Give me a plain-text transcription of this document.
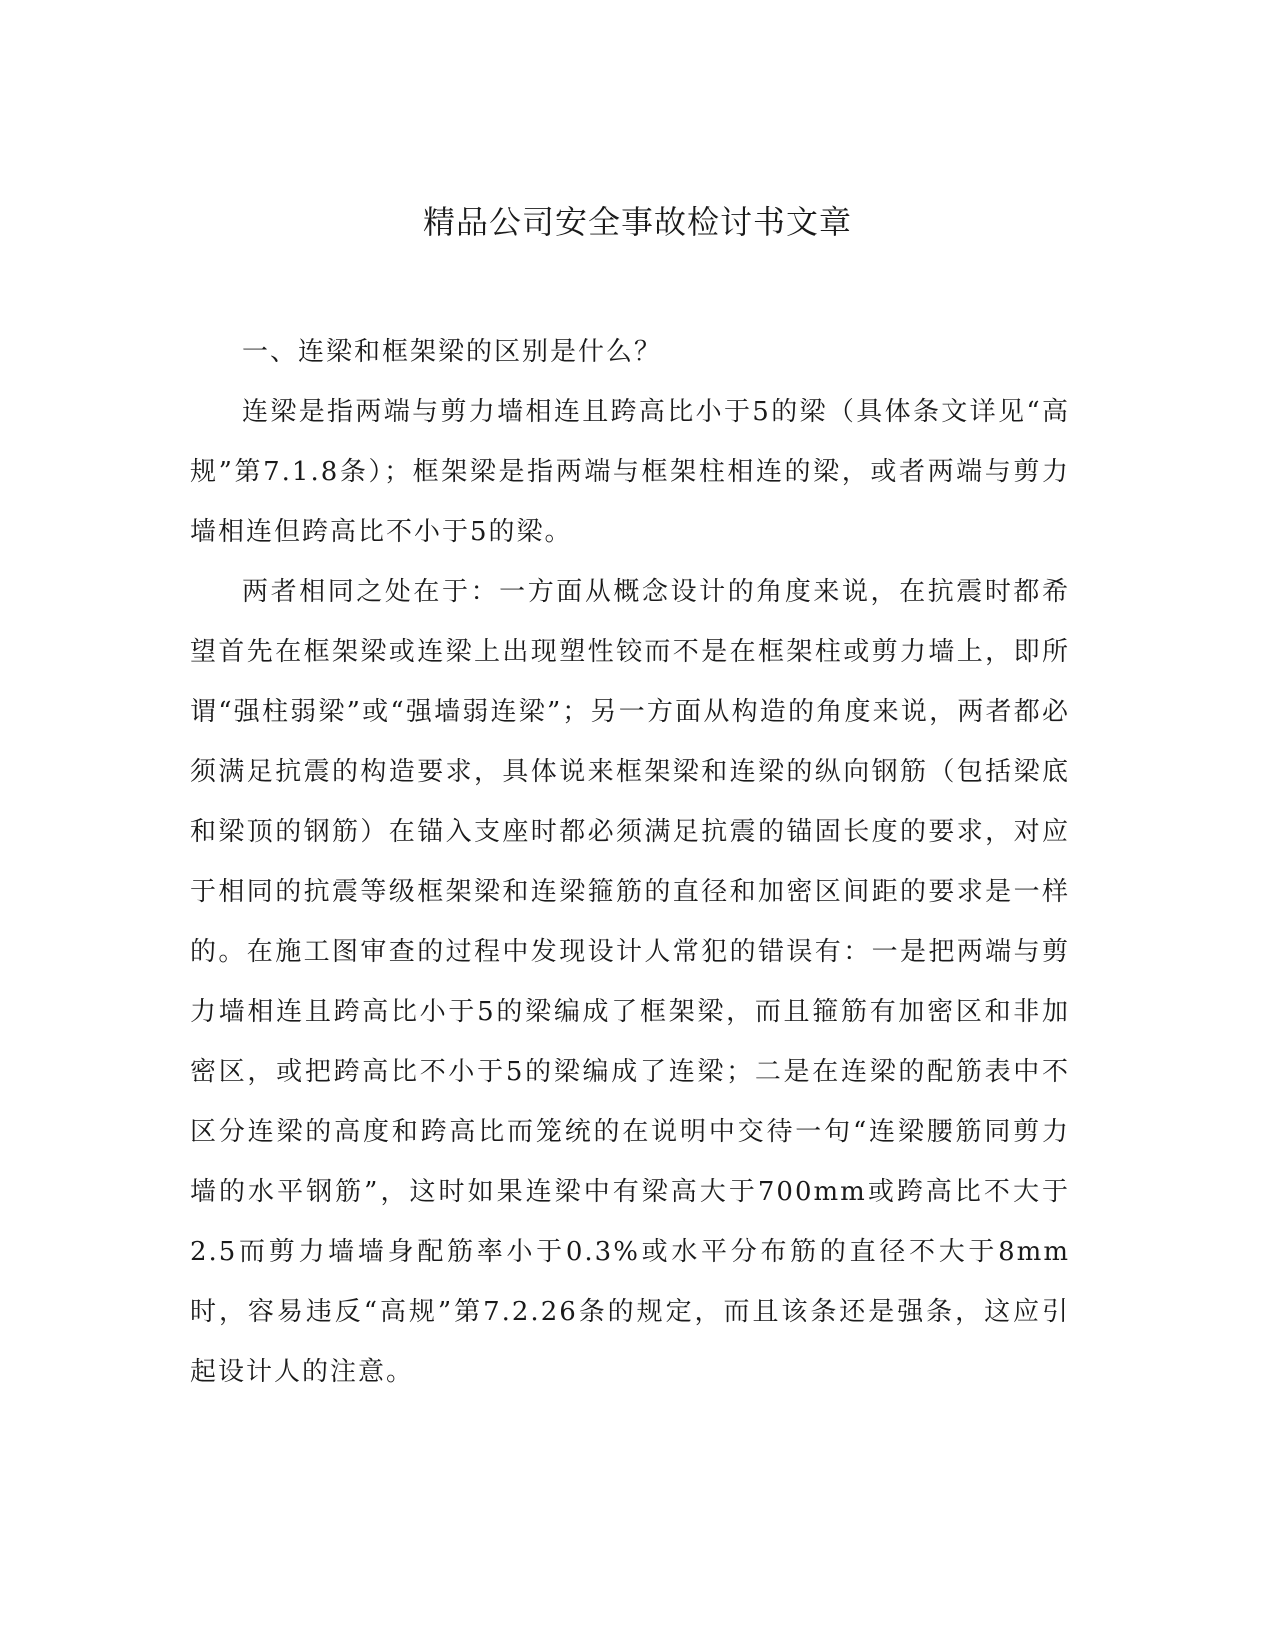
精品公司安全事故检讨书文章

一、连梁和框架梁的区别是什么？

连梁是指两端与剪力墙相连且跨高比小于5的梁（具体条文详见“高规”第7.1.8条）；框架梁是指两端与框架柱相连的梁，或者两端与剪力墙相连但跨高比不小于5的梁。

两者相同之处在于：一方面从概念设计的角度来说，在抗震时都希望首先在框架梁或连梁上出现塑性铰而不是在框架柱或剪力墙上，即所谓“强柱弱梁”或“强墙弱连梁”；另一方面从构造的角度来说，两者都必须满足抗震的构造要求，具体说来框架梁和连梁的纵向钢筋（包括梁底和梁顶的钢筋）在锚入支座时都必须满足抗震的锚固长度的要求，对应于相同的抗震等级框架梁和连梁箍筋的直径和加密区间距的要求是一样的。在施工图审查的过程中发现设计人常犯的错误有：一是把两端与剪力墙相连且跨高比小于5的梁编成了框架梁，而且箍筋有加密区和非加密区，或把跨高比不小于5的梁编成了连梁；二是在连梁的配筋表中不区分连梁的高度和跨高比而笼统的在说明中交待一句“连梁腰筋同剪力墙的水平钢筋”，这时如果连梁中有梁高大于700mm或跨高比不大于2.5而剪力墙墙身配筋率小于0.3%或水平分布筋的直径不大于8mm时，容易违反“高规”第7.2.26条的规定，而且该条还是强条，这应引起设计人的注意。
